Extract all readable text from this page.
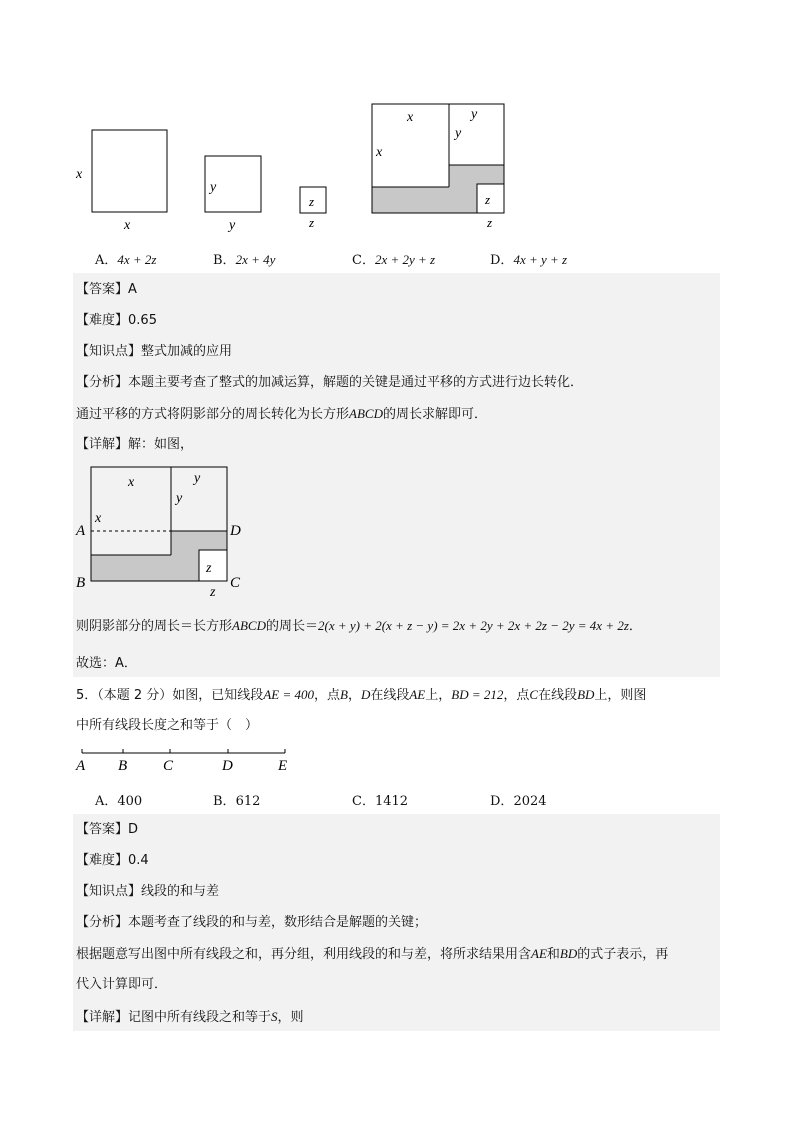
x
x
y
y
z
z
x
x
y
y
z
z
A．4x + 2z	B．2x + 4y	C．2x + 2y + z	D．4x + y + z
【答案】A
【难度】0.65
【知识点】整式加减的应用
【分析】本题主要考查了整式的加减运算，解题的关键是通过平移的方式进行边长转化．
通过平移的方式将阴影部分的周长转化为长方形ABCD的周长求解即可．
【详解】解：如图，
x
x
y
y
z
z
A
B	C
D
则阴影部分的周长＝长方形ABCD的周长＝2(x + y) + 2(x + z − y) = 2x + 2y + 2x + 2z − 2y = 4x + 2z．
故选：A．
5．（本题 2 分）如图，已知线段AE = 400，点B，D在线段AE上，BD = 212，点C在线段BD上，则图
中所有线段长度之和等于（　）
A B C	D	E
A．400	B．612	C．1412	D．2024
【答案】D
【难度】0.4
【知识点】线段的和与差
【分析】本题考查了线段的和与差，数形结合是解题的关键；
根据题意写出图中所有线段之和，再分组，利用线段的和与差，将所求结果用含AE和BD的式子表示，再
代入计算即可．
【详解】记图中所有线段之和等于S，则
